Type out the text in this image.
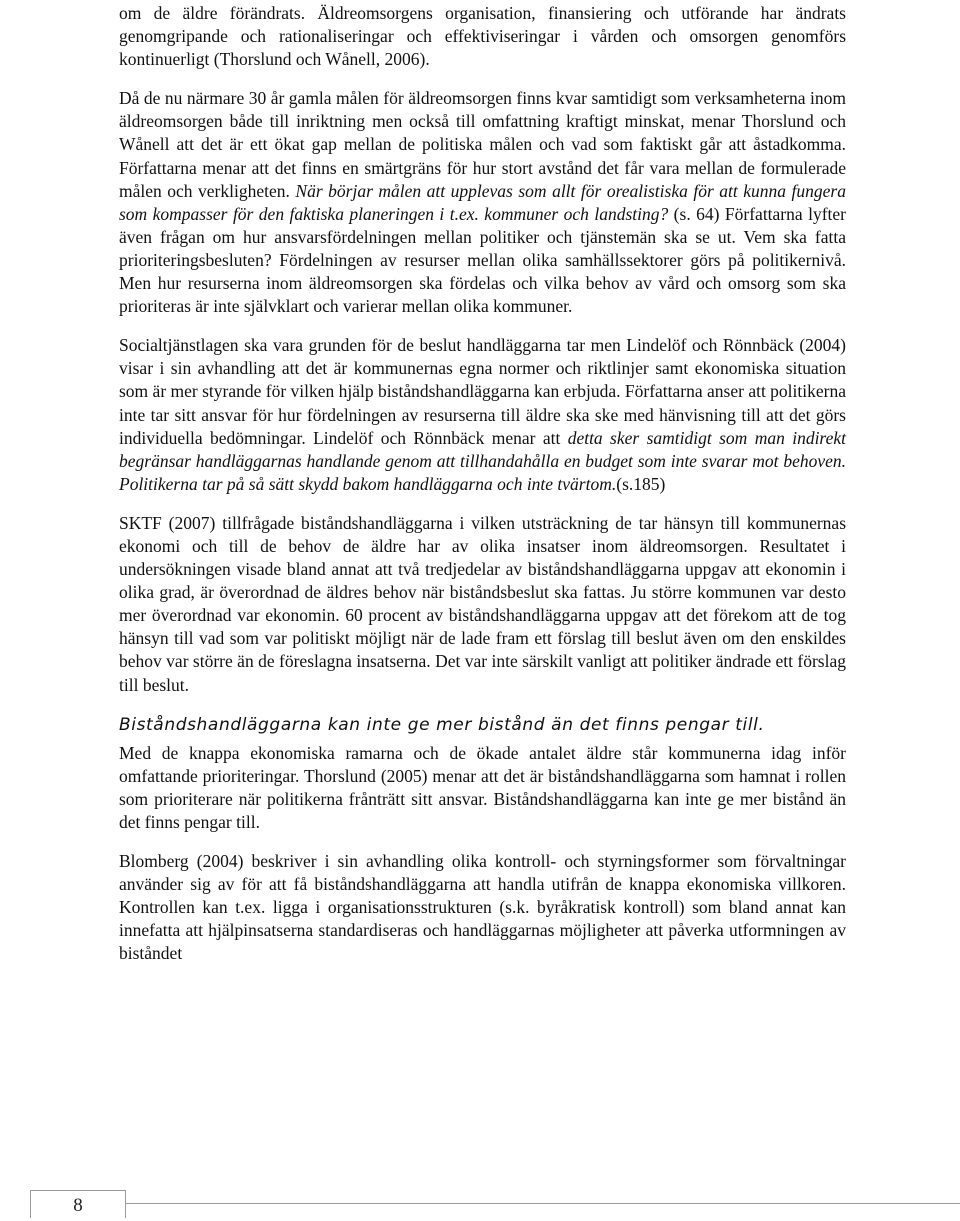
om de äldre förändrats. Äldreomsorgens organisation, finansiering och utförande har ändrats genomgripande och rationaliseringar och effektiviseringar i vården och omsorgen genomförs kontinuerligt (Thorslund och Wånell, 2006).

Då de nu närmare 30 år gamla målen för äldreomsorgen finns kvar samtidigt som verksamheterna inom äldreomsorgen både till inriktning men också till omfattning kraftigt minskat, menar Thorslund och Wånell att det är ett ökat gap mellan de politiska målen och vad som faktiskt går att åstadkomma. Författarna menar att det finns en smärtgräns för hur stort avstånd det får vara mellan de formulerade målen och verkligheten. När börjar målen att upplevas som allt för orealistiska för att kunna fungera som kompasser för den faktiska planeringen i t.ex. kommuner och landsting? (s. 64) Författarna lyfter även frågan om hur ansvarsfördelningen mellan politiker och tjänstemän ska se ut. Vem ska fatta prioriteringsbesluten? Fördelningen av resurser mellan olika samhällssektorer görs på politikernivå. Men hur resurserna inom äldreomsorgen ska fördelas och vilka behov av vård och omsorg som ska prioriteras är inte självklart och varierar mellan olika kommuner.

Socialtjänstlagen ska vara grunden för de beslut handläggarna tar men Lindelöf och Rönnbäck (2004) visar i sin avhandling att det är kommunernas egna normer och riktlinjer samt ekonomiska situation som är mer styrande för vilken hjälp biståndshandläggarna kan erbjuda. Författarna anser att politikerna inte tar sitt ansvar för hur fördelningen av resurserna till äldre ska ske med hänvisning till att det görs individuella bedömningar. Lindelöf och Rönnbäck menar att detta sker samtidigt som man indirekt begränsar handläggarnas handlande genom att tillhandahålla en budget som inte svarar mot behoven. Politikerna tar på så sätt skydd bakom handläggarna och inte tvärtom.(s.185)

SKTF (2007) tillfrågade biståndshandläggarna i vilken utsträckning de tar hänsyn till kommunernas ekonomi och till de behov de äldre har av olika insatser inom äldreomsorgen. Resultatet i undersökningen visade bland annat att två tredjedelar av biståndshandläggarna uppgav att ekonomin i olika grad, är överordnad de äldres behov när biståndsbeslut ska fattas. Ju större kommunen var desto mer överordnad var ekonomin. 60 procent av biståndshandläggarna uppgav att det förekom att de tog hänsyn till vad som var politiskt möjligt när de lade fram ett förslag till beslut även om den enskildes behov var större än de föreslagna insatserna. Det var inte särskilt vanligt att politiker ändrade ett förslag till beslut.

Biståndshandläggarna kan inte ge mer bistånd än det finns pengar till.

Med de knappa ekonomiska ramarna och de ökade antalet äldre står kommunerna idag inför omfattande prioriteringar. Thorslund (2005) menar att det är biståndshandläggarna som hamnat i rollen som prioriterare när politikerna frånträtt sitt ansvar. Biståndshandläggarna kan inte ge mer bistånd än det finns pengar till.

Blomberg (2004) beskriver i sin avhandling olika kontroll- och styrningsformer som förvaltningar använder sig av för att få biståndshandläggarna att handla utifrån de knappa ekonomiska villkoren. Kontrollen kan t.ex. ligga i organisationsstrukturen (s.k. byråkratisk kontroll) som bland annat kan innefatta att hjälpinsatserna standardiseras och handläggarnas möjligheter att påverka utformningen av biståndet

8
